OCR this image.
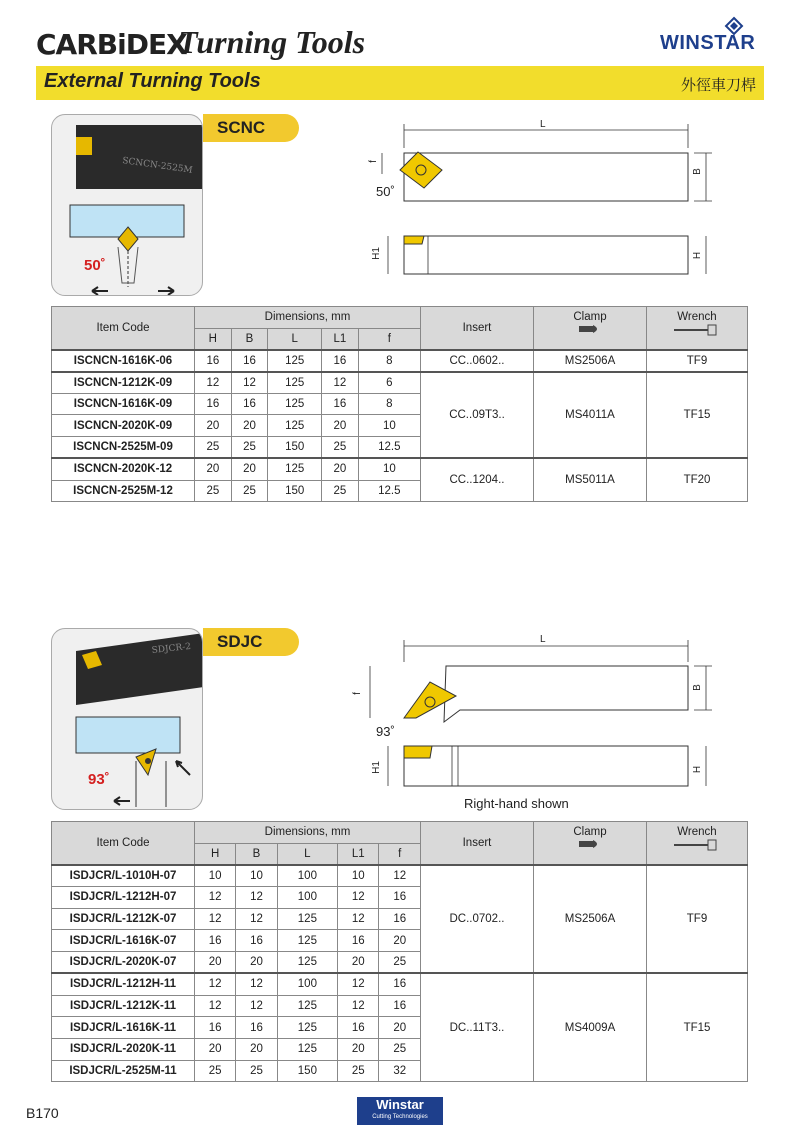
CARBiDEX
Turning Tools	WINSTAR
External Turning Tools	外徑車刀桿
SCNCN-2525M
50˚
SCNC	L
f
B
50˚
H1	H
Item Code	Dimensions, mm					Insert	Clamp	Wrench

	H	B	L	L1	f			
ISCNCN-1616K-06	16	16	125	16	8	CC..0602..	MS2506A	TF9
ISCNCN-1212K-09	12	12	125	12	6	CC..09T3..	MS4011A	TF15
ISCNCN-1616K-09	16	16	125	16	8			
ISCNCN-2020K-09	20	20	125	20	10			
ISCNCN-2525M-09	25	25	150	25	12.5			
ISCNCN-2020K-12	20	20	125	20	10	CC..1204..	MS5011A	TF20
ISCNCN-2525M-12	25	25	150	25	12.5			
SDJCR-2
93˚
SDJC	L
f
B
93˚
H1	H
Right-hand shown
Item Code	Dimensions, mm					Insert	Clamp	Wrench

	H	B	L	L1	f			
ISDJCR/L-1010H-07	10	10	100	10	12	DC..0702..	MS2506A	TF9
ISDJCR/L-1212H-07	12	12	100	12	16			
ISDJCR/L-1212K-07	12	12	125	12	16			
ISDJCR/L-1616K-07	16	16	125	16	20			
ISDJCR/L-2020K-07	20	20	125	20	25			
ISDJCR/L-1212H-11	12	12	100	12	16	DC..11T3..	MS4009A	TF15
ISDJCR/L-1212K-11	12	12	125	12	16			
ISDJCR/L-1616K-11	16	16	125	16	20			
ISDJCR/L-2020K-11	20	20	125	20	25			
ISDJCR/L-2525M-11	25	25	150	25	32			
B170
Winstar
Cutting Technologies
